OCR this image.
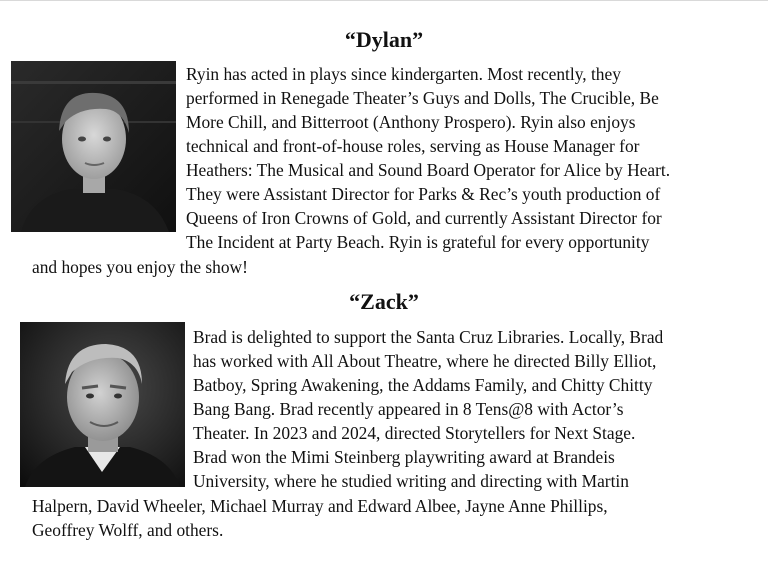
“Dylan”
Ryin has acted in plays since kindergarten. Most recently, they
performed in Renegade Theater’s Guys and Dolls, The Crucible, Be
More Chill, and Bitterroot (Anthony Prospero). Ryin also enjoys
technical and front-of-house roles, serving as House Manager for
Heathers: The Musical and Sound Board Operator for Alice by Heart.
They were Assistant Director for Parks & Rec’s youth production of
Queens of Iron Crowns of Gold, and currently Assistant Director for
The Incident at Party Beach. Ryin is grateful for every opportunity
and hopes you enjoy the show!
“Zack”
Brad is delighted to support the Santa Cruz Libraries. Locally, Brad
has worked with All About Theatre, where he directed Billy Elliot,
Batboy, Spring Awakening, the Addams Family, and Chitty Chitty
Bang Bang. Brad recently appeared in 8 Tens@8 with Actor’s
Theater. In 2023 and 2024, directed Storytellers for Next Stage.
Brad won the Mimi Steinberg playwriting award at Brandeis
University, where he studied writing and directing with Martin
Halpern, David Wheeler, Michael Murray and Edward Albee, Jayne Anne Phillips,
Geoffrey Wolff, and others.
